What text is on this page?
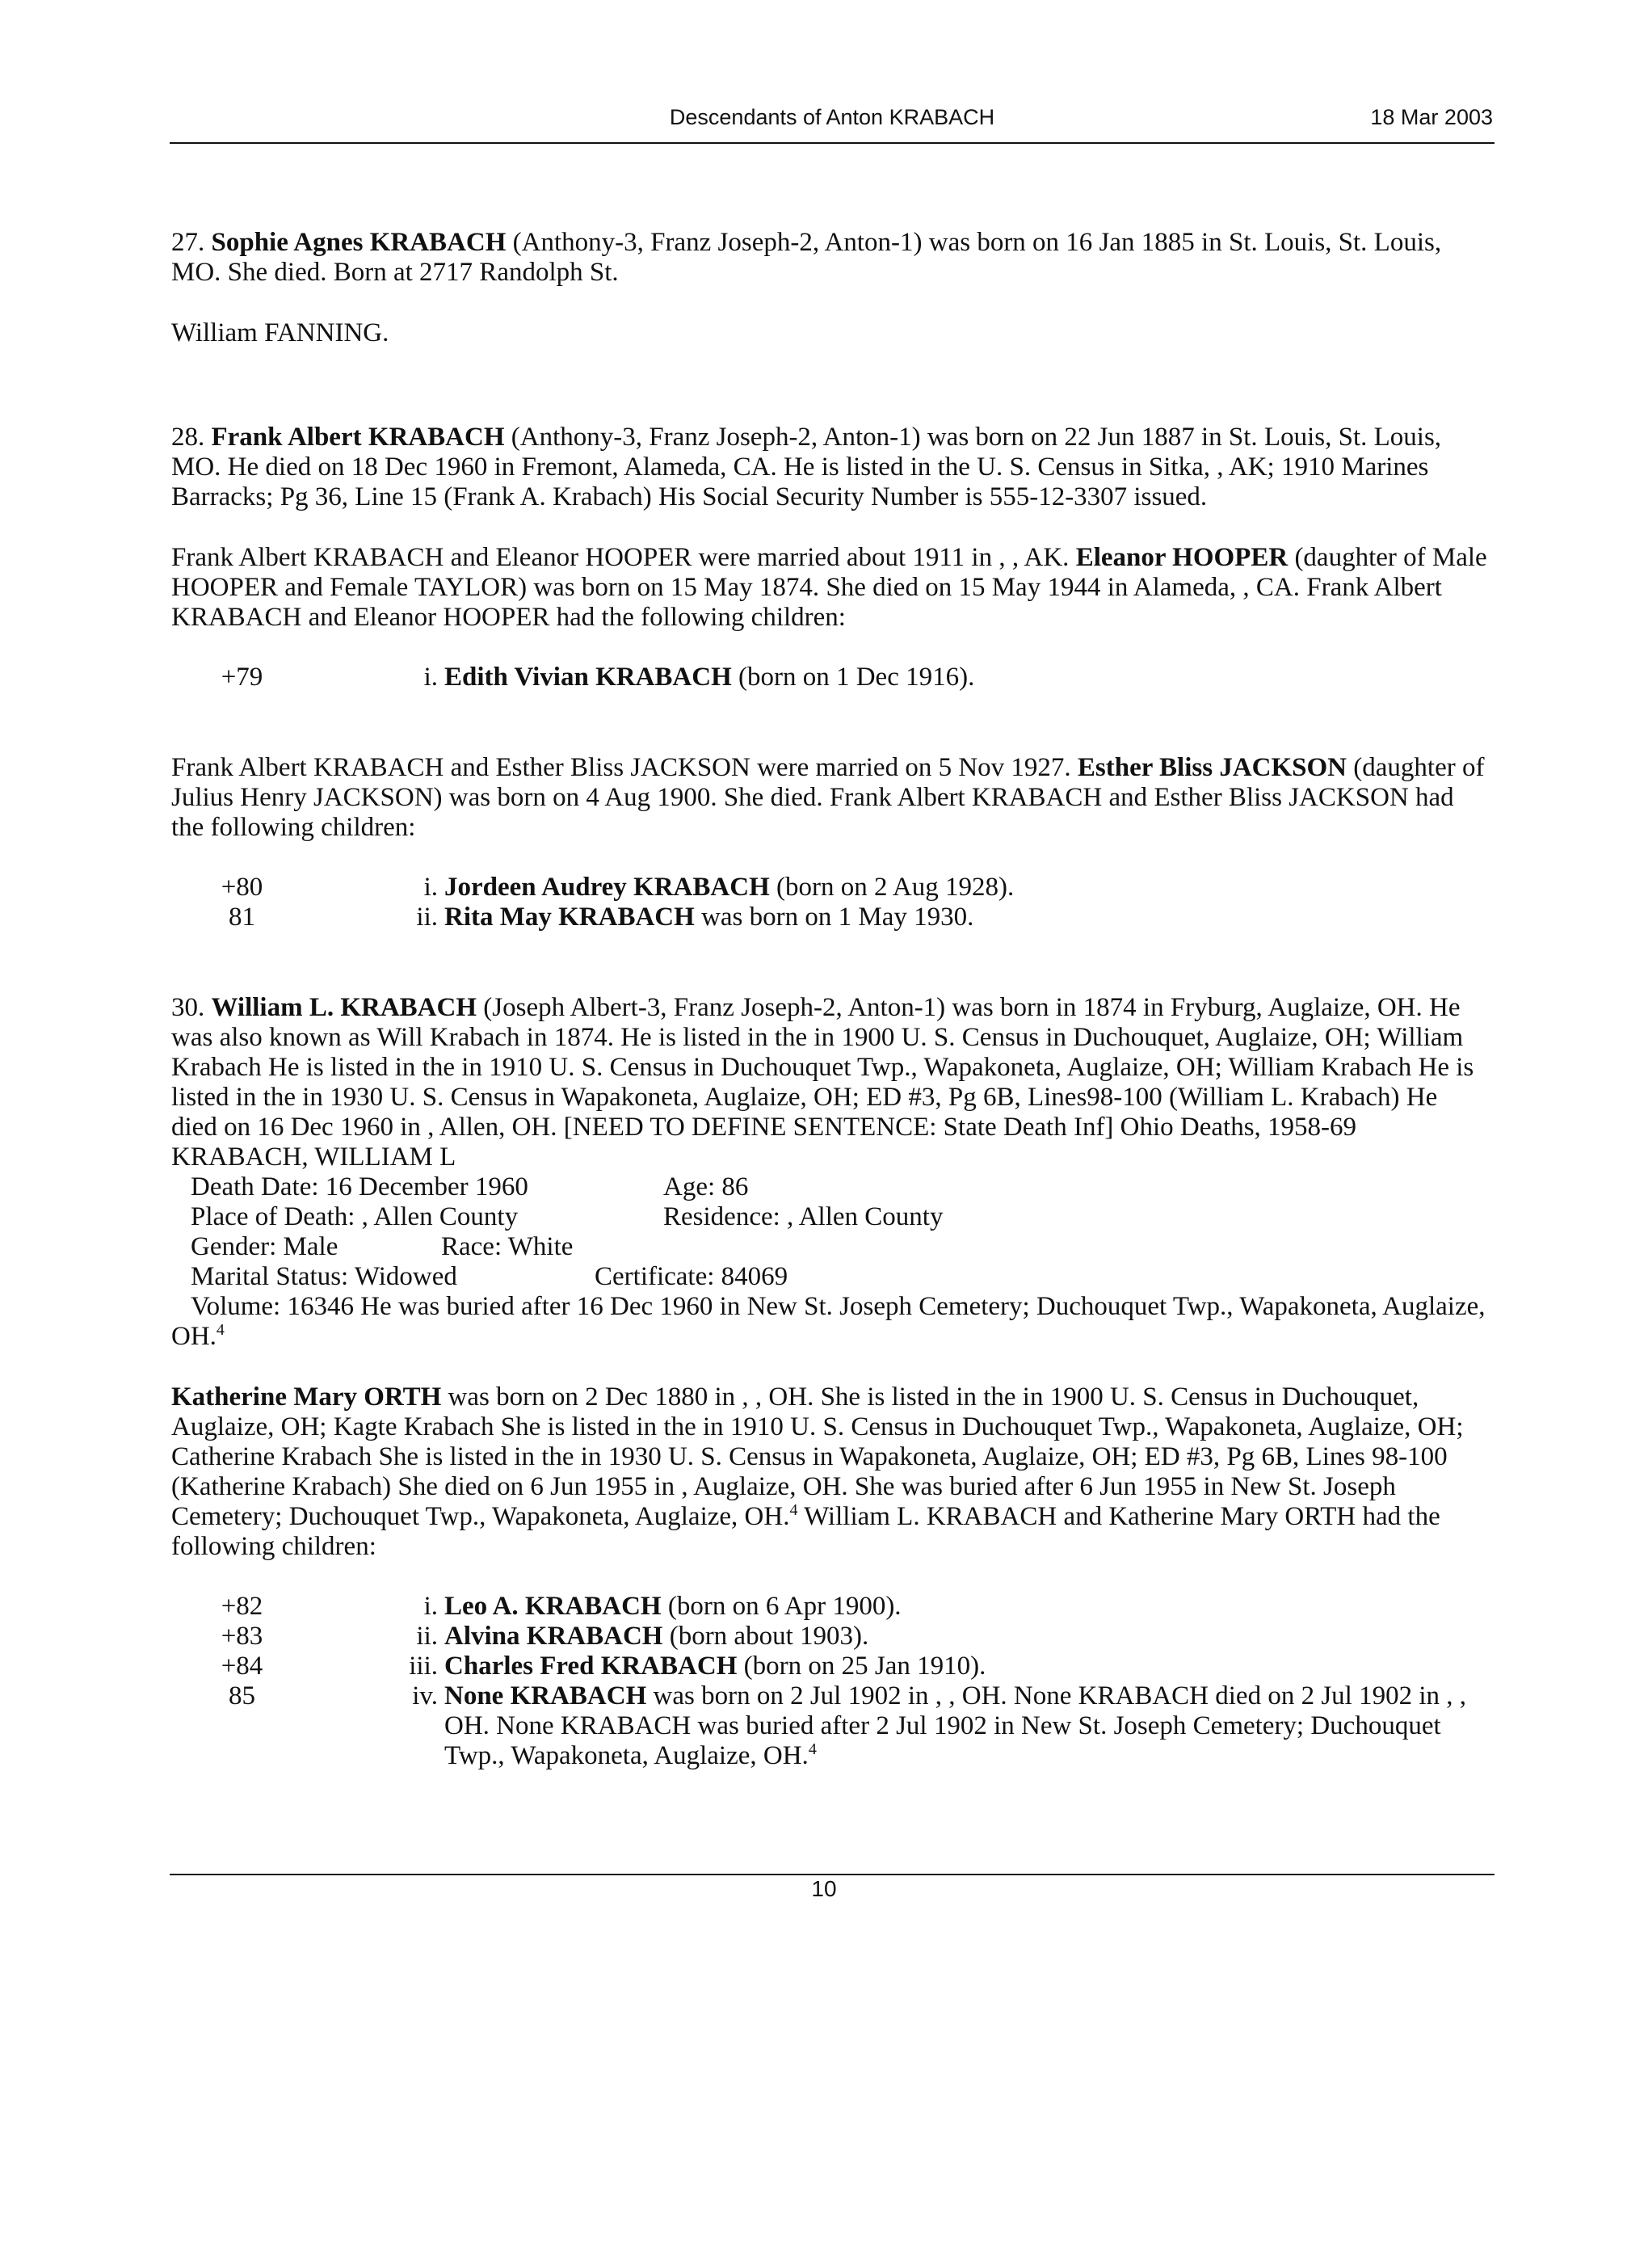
Descendants of Anton KRABACH	18 Mar 2003

27. Sophie Agnes KRABACH (Anthony-3, Franz Joseph-2, Anton-1) was born on 16 Jan 1885 in St. Louis, St. Louis, MO. She died. Born at 2717 Randolph St.

William FANNING.

28. Frank Albert KRABACH (Anthony-3, Franz Joseph-2, Anton-1) was born on 22 Jun 1887 in St. Louis, St. Louis, MO. He died on 18 Dec 1960 in Fremont, Alameda, CA. He is listed in the U. S. Census in Sitka, , AK; 1910 Marines Barracks; Pg 36, Line 15 (Frank A. Krabach) His Social Security Number is 555-12-3307 issued.

Frank Albert KRABACH and Eleanor HOOPER were married about 1911 in , , AK. Eleanor HOOPER (daughter of Male HOOPER and Female TAYLOR) was born on 15 May 1874. She died on 15 May 1944 in Alameda, , CA. Frank Albert KRABACH and Eleanor HOOPER had the following children:

+79	i. Edith Vivian KRABACH (born on 1 Dec 1916).

Frank Albert KRABACH and Esther Bliss JACKSON were married on 5 Nov 1927. Esther Bliss JACKSON (daughter of Julius Henry JACKSON) was born on 4 Aug 1900. She died. Frank Albert KRABACH and Esther Bliss JACKSON had the following children:

+80	i. Jordeen Audrey KRABACH (born on 2 Aug 1928).
81	ii. Rita May KRABACH was born on 1 May 1930.

30. William L. KRABACH (Joseph Albert-3, Franz Joseph-2, Anton-1) was born in 1874 in Fryburg, Auglaize, OH. He was also known as Will Krabach in 1874. He is listed in the in 1900 U. S. Census in Duchouquet, Auglaize, OH; William Krabach He is listed in the in 1910 U. S. Census in Duchouquet Twp., Wapakoneta, Auglaize, OH; William Krabach He is listed in the in 1930 U. S. Census in Wapakoneta, Auglaize, OH; ED #3, Pg 6B, Lines98-100 (William L. Krabach) He died on 16 Dec 1960 in , Allen, OH. [NEED TO DEFINE SENTENCE: State Death Inf] Ohio Deaths, 1958-69

KRABACH, WILLIAM L

Death Date: 16 December 1960	Age: 86
Place of Death: , Allen County	Residence: , Allen County
Gender: Male	Race: White
Marital Status: Widowed	Certificate: 84069

Volume: 16346 He was buried after 16 Dec 1960 in New St. Joseph Cemetery; Duchouquet Twp., Wapakoneta, Auglaize, OH.$^4$

Katherine Mary ORTH was born on 2 Dec 1880 in , , OH. She is listed in the in 1900 U. S. Census in Duchouquet, Auglaize, OH; Kagte Krabach She is listed in the in 1910 U. S. Census in Duchouquet Twp., Wapakoneta, Auglaize, OH; Catherine Krabach She is listed in the in 1930 U. S. Census in Wapakoneta, Auglaize, OH; ED #3, Pg 6B, Lines 98-100 (Katherine Krabach) She died on 6 Jun 1955 in , Auglaize, OH. She was buried after 6 Jun 1955 in New St. Joseph Cemetery; Duchouquet Twp., Wapakoneta, Auglaize, OH.$^4$ William L. KRABACH and Katherine Mary ORTH had the following children:

+82	i. Leo A. KRABACH (born on 6 Apr 1900).
+83	ii. Alvina KRABACH (born about 1903).
+84	iii. Charles Fred KRABACH (born on 25 Jan 1910).
85	iv. None KRABACH was born on 2 Jul 1902 in , , OH. None KRABACH died on 2 Jul 1902 in , , OH. None KRABACH was buried after 2 Jul 1902 in New St. Joseph Cemetery; Duchouquet Twp., Wapakoneta, Auglaize, OH.$^4$
10
